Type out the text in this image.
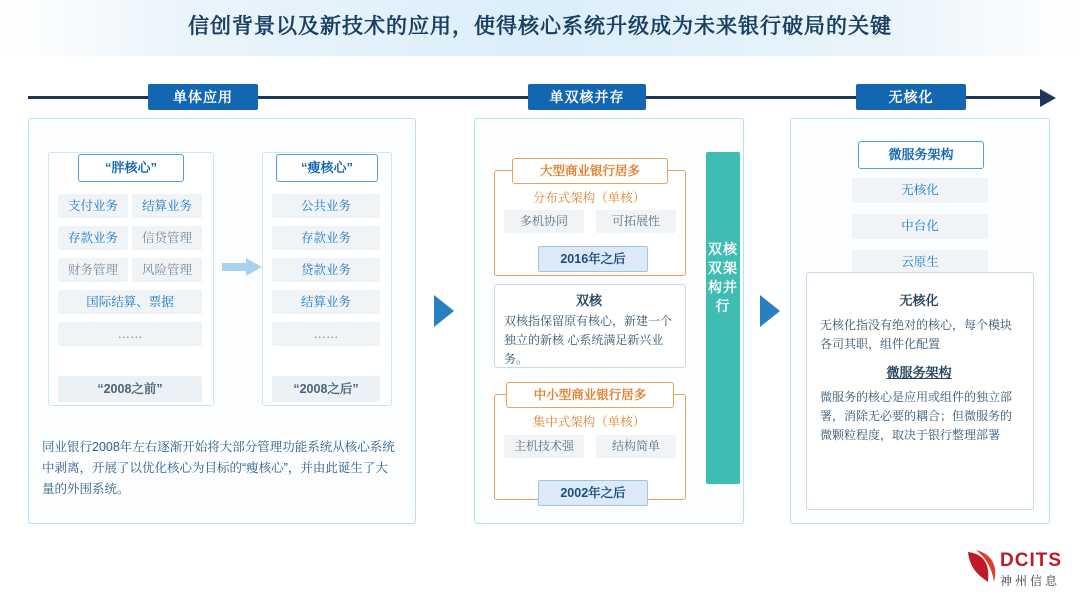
信创背景以及新技术的应用，使得核心系统升级成为未来银行破局的关键
单体应用	单双核并存	无核化
“胖核心”
支付业务	结算业务
存款业务	信贷管理
财务管理	风险管理
国际结算、票据
……
“2008之前”
“瘦核心”
公共业务
存款业务
贷款业务
结算业务
……
“2008之后”
同业银行2008年左右逐渐开始将大部分管理功能系统从核心系统中剥离，开展了以优化核心为目标的“瘦核心”，并由此诞生了大量的外围系统。
大型商业银行居多
分布式架构（单核）
多机协同	可拓展性
2016年之后
双核
双核指保留原有核心，新建一个独立的新核 心系统满足新兴业务。
中小型商业银行居多
集中式架构（单核）
主机技术强	结构简单
2002年之后
双核双架构并行
微服务架构
无核化
中台化
云原生
无核化
无核化指没有绝对的核心，每个模块各司其职，组件化配置
微服务架构
微服务的核心是应用或组件的独立部署，消除无必要的耦合；但微服务的微颗粒程度，取决于银行整理部署
DCITS
神州信息
